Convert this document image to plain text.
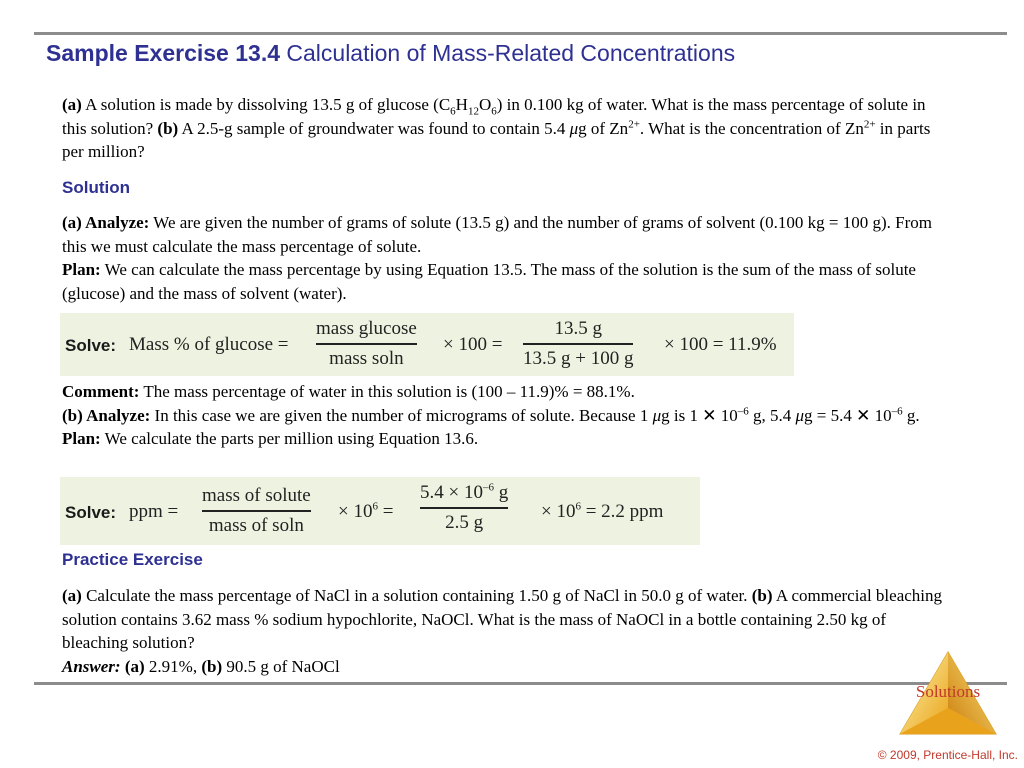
Sample Exercise 13.4 Calculation of Mass-Related Concentrations
(a) A solution is made by dissolving 13.5 g of glucose $(C_6H_{12}O_6)$ in 0.100 kg of water. What is the mass percentage of solute in this solution? (b) A 2.5-g sample of groundwater was found to contain 5.4 μg of $Zn^{2+}$. What is the concentration of $Zn^{2+}$ in parts per million?
Solution
(a) Analyze: We are given the number of grams of solute (13.5 g) and the number of grams of solvent (0.100 kg = 100 g). From this we must calculate the mass percentage of solute.
Plan: We can calculate the mass percentage by using Equation 13.5. The mass of the solution is the sum of the mass of solute (glucose) and the mass of solvent (water).
Solve: Mass % of glucose =
mass glucose
mass soln
× 100 =
13.5 g
13.5 g + 100 g
× 100 = 11.9%
Comment: The mass percentage of water in this solution is (100 – 11.9)% = 88.1%.
(b) Analyze: In this case we are given the number of micrograms of solute. Because 1 μg is 1 ✕ $10^{-6}$ g, 5.4 μg = 5.4 ✕ $10^{-6}$ g.
Plan: We calculate the parts per million using Equation 13.6.
Solve: ppm =
mass of solute
mass of soln
× $10^6$ =
$5.4 \times 10^{-6}$ g
2.5 g	× $10^6 = 2.2$ ppm
Practice Exercise
(a) Calculate the mass percentage of NaCl in a solution containing 1.50 g of NaCl in 50.0 g of water. (b) A commercial bleaching solution contains 3.62 mass % sodium hypochlorite, NaOCl. What is the mass of NaOCl in a bottle containing 2.50 kg of bleaching solution?
Answer: (a) 2.91%, (b) 90.5 g of NaOCl
Solutions
© 2009, Prentice-Hall, Inc.
